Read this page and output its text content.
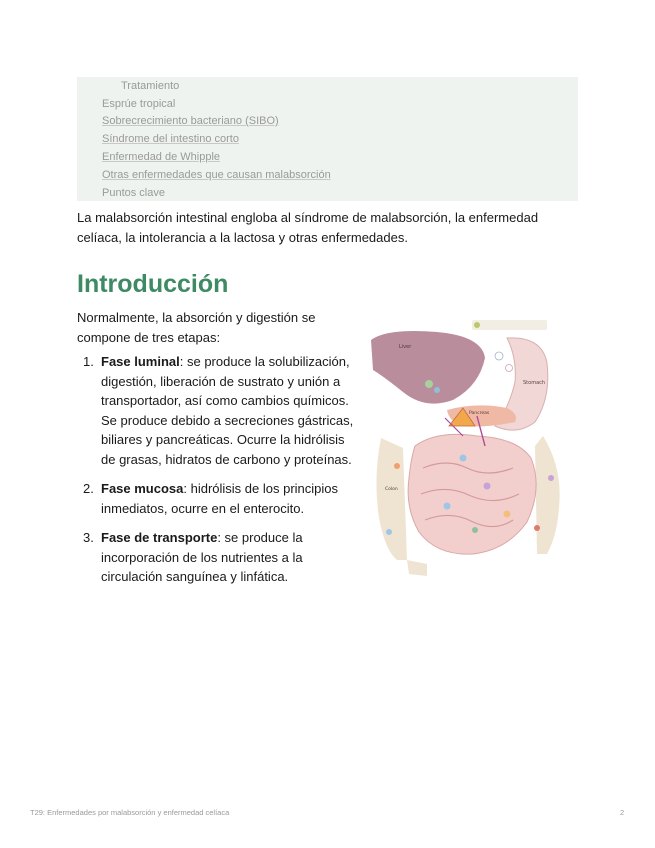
Tratamiento
Esprúe tropical
Sobrecrecimiento bacteriano (SIBO)
Síndrome del intestino corto
Enfermedad de Whipple
Otras enfermedades que causan malabsorción
Puntos clave

La malabsorción intestinal engloba al síndrome de malabsorción, la enfermedad celíaca, la intolerancia a la lactosa y otras enfermedades.

Introducción

Normalmente, la absorción y digestión se compone de tres etapas:

1. Fase luminal: se produce la solubilización, digestión, liberación de sustrato y unión a transportador, así como cambios químicos. Se produce debido a secreciones gástricas, biliares y pancreáticas. Ocurre la hidrólisis de grasas, hidratos de carbono y proteínas.
2. Fase mucosa: hidrólisis de los principios inmediatos, ocurre en el enterocito.
3. Fase de transporte: se produce la incorporación de los nutrientes a la circulación sanguínea y linfática.
Liver
Stomach
Pancreas
Colon
T29: Enfermedades por malabsorción y enfermedad celíaca	2
